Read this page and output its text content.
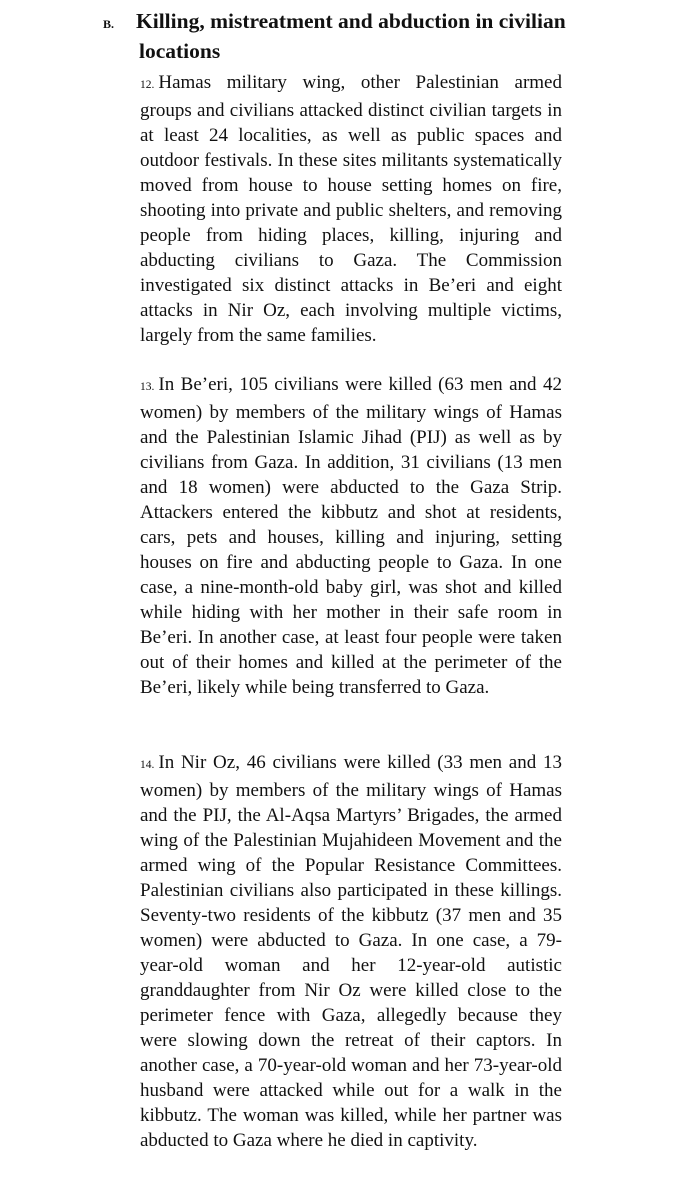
B. Killing, mistreatment and abduction in civilian
locations
12. Hamas military wing, other Palestinian armed groups and civilians attacked distinct civilian targets in at least 24 localities, as well as public spaces and outdoor festivals. In these sites militants systematically moved from house to house setting homes on fire, shooting into private and public shelters, and removing people from hiding places, killing, injuring and abducting civilians to Gaza. The Commission investigated six distinct attacks in Be’eri and eight attacks in Nir Oz, each involving multiple victims, largely from the same families.
13. In Be’eri, 105 civilians were killed (63 men and 42 women) by members of the military wings of Hamas and the Palestinian Islamic Jihad (PIJ) as well as by civilians from Gaza. In addition, 31 civilians (13 men and 18 women) were abducted to the Gaza Strip. Attackers entered the kibbutz and shot at residents, cars, pets and houses, killing and injuring, setting houses on fire and abducting people to Gaza. In one case, a nine-month-old baby girl, was shot and killed while hiding with her mother in their safe room in Be’eri. In another case, at least four people were taken out of their homes and killed at the perimeter of the Be’eri, likely while being transferred to Gaza.
14. In Nir Oz, 46 civilians were killed (33 men and 13 women) by members of the military wings of Hamas and the PIJ, the Al-Aqsa Martyrs’ Brigades, the armed wing of the Palestinian Mujahideen Movement and the armed wing of the Popular Resistance Committees. Palestinian civilians also participated in these killings. Seventy-two residents of the kibbutz (37 men and 35 women) were abducted to Gaza. In one case, a 79-year-old woman and her 12-year-old autistic granddaughter from Nir Oz were killed close to the perimeter fence with Gaza, allegedly because they were slowing down the retreat of their captors. In another case, a 70-year-old woman and her 73-year-old husband were attacked while out for a walk in the kibbutz. The woman was killed, while her partner was abducted to Gaza where he died in captivity.
